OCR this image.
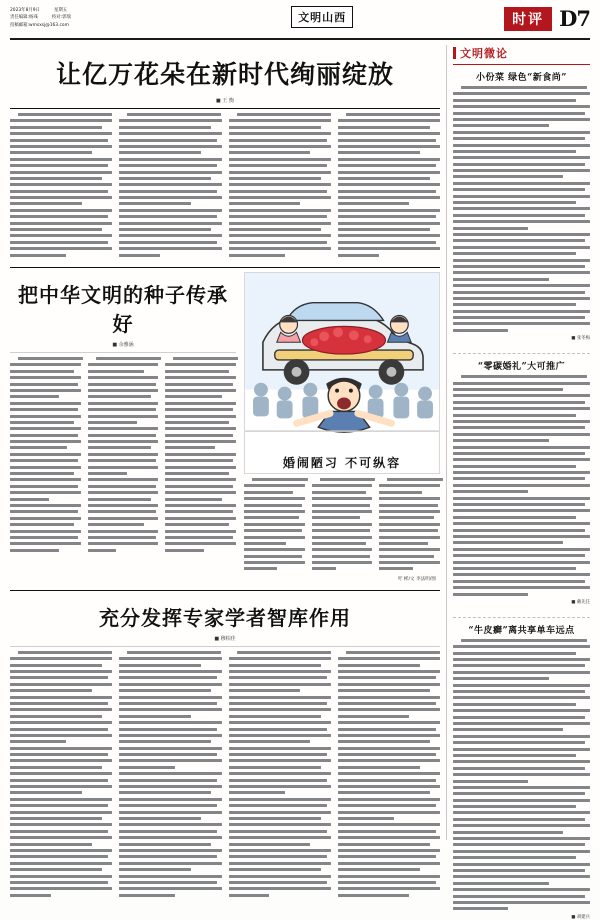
2023年8月9日	星期五
责任编辑:杨彧	校对:郭瑞
投稿邮箱:wmsxsj@163.com
文明山西	时评 D7
让亿万花朵在新时代绚丽绽放
■ 王 衡
把中华文明的种子传承好
■ 余雅涵
婚闹陋习 不可纵容
吁 彬/文 李法明/图
充分发挥专家学者智库作用
■ 穆柏佳
文明微论
小份菜 绿色“新食尚”
■ 张冬梅
“零碳婚礼”大可推广
■ 戴先任
“牛皮癣”离共享单车远点
■ 胡建兵
